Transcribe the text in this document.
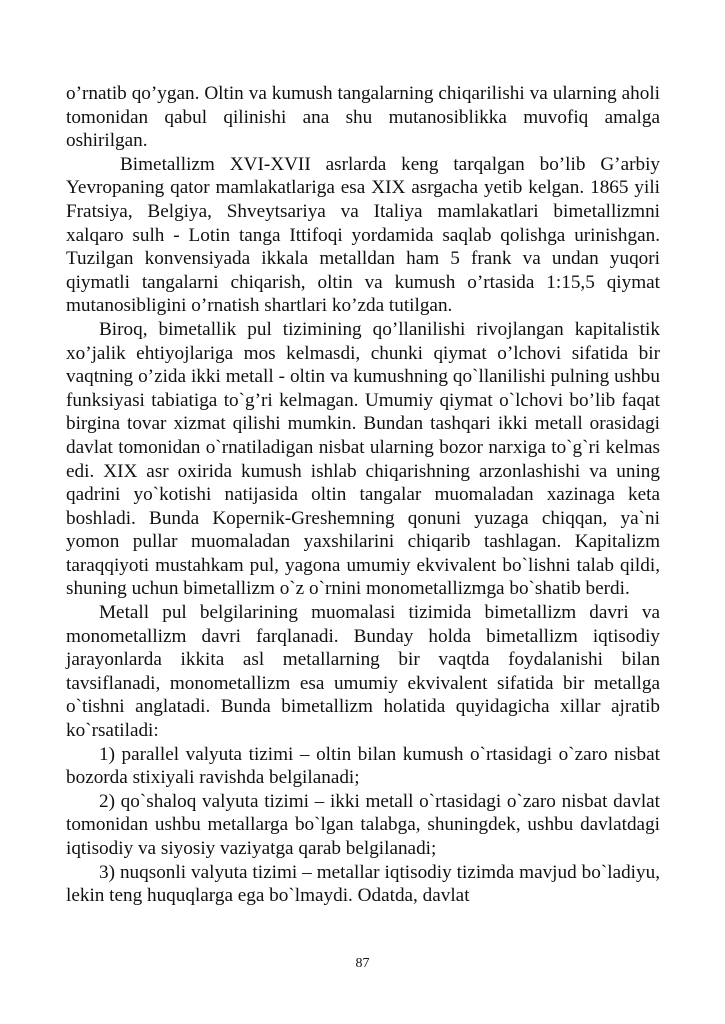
o’rnatib qo’ygan. Oltin va kumush tangalarning chiqarilishi va ularning aholi tomonidan qabul qilinishi ana shu mutanosiblikka muvofiq amalga oshirilgan.

Bimetallizm XVI-XVII asrlarda keng tarqalgan bo’lib G’arbiy Yevropaning qator mamlakatlariga esa XIX asrgacha yetib kelgan. 1865 yili Fratsiya, Belgiya, Shveytsariya va Italiya mamlakatlari bimetallizmni xalqaro sulh - Lotin tanga Ittifoqi yordamida saqlab qolishga urinishgan. Tuzilgan konvensiyada ikkala metalldan ham 5 frank va undan yuqori qiymatli tangalarni chiqarish, oltin va kumush o’rtasida 1:15,5 qiymat mutanosibligini o’rnatish shartlari ko’zda tutilgan.

Biroq, bimetallik pul tizimining qo’llanilishi rivojlangan kapitalistik xo’jalik ehtiyojlariga mos kelmasdi, chunki qiymat o’lchovi sifatida bir vaqtning o’zida ikki metall - oltin va kumushning qo`llanilishi pulning ushbu funksiyasi tabiatiga to`g’ri kelmagan. Umumiy qiymat o`lchovi bo’lib faqat birgina tovar xizmat qilishi mumkin. Bundan tashqari ikki metall orasidagi davlat tomonidan o`rnatiladigan nisbat ularning bozor narxiga to`g`ri kelmas edi. XIX asr oxirida kumush ishlab chiqarishning arzonlashishi va uning qadrini yo`kotishi natijasida oltin tangalar muomaladan xazinaga keta boshladi. Bunda Kopernik-Greshemning qonuni yuzaga chiqqan, ya`ni yomon pullar muomaladan yaxshilarini chiqarib tashlagan. Kapitalizm taraqqiyoti mustahkam pul, yagona umumiy ekvivalent bo`lishni talab qildi, shuning uchun bimetallizm o`z o`rnini monometallizmga bo`shatib berdi.

Metall pul belgilarining muomalasi tizimida bimetallizm davri va monometallizm davri farqlanadi. Bunday holda bimetallizm iqtisodiy jarayonlarda ikkita asl metallarning bir vaqtda foydalanishi bilan tavsiflanadi, monometallizm esa umumiy ekvivalent sifatida bir metallga o`tishni anglatadi. Bunda bimetallizm holatida quyidagicha xillar ajratib ko`rsatiladi:

1) parallel valyuta tizimi – oltin bilan kumush o`rtasidagi o`zaro nisbat bozorda stixiyali ravishda belgilanadi;

2) qo`shaloq valyuta tizimi – ikki metall o`rtasidagi o`zaro nisbat davlat tomonidan ushbu metallarga bo`lgan talabga, shuningdek, ushbu davlatdagi iqtisodiy va siyosiy vaziyatga qarab belgilanadi;

3) nuqsonli valyuta tizimi – metallar iqtisodiy tizimda mavjud bo`ladiyu, lekin teng huquqlarga ega bo`lmaydi. Odatda, davlat

87
